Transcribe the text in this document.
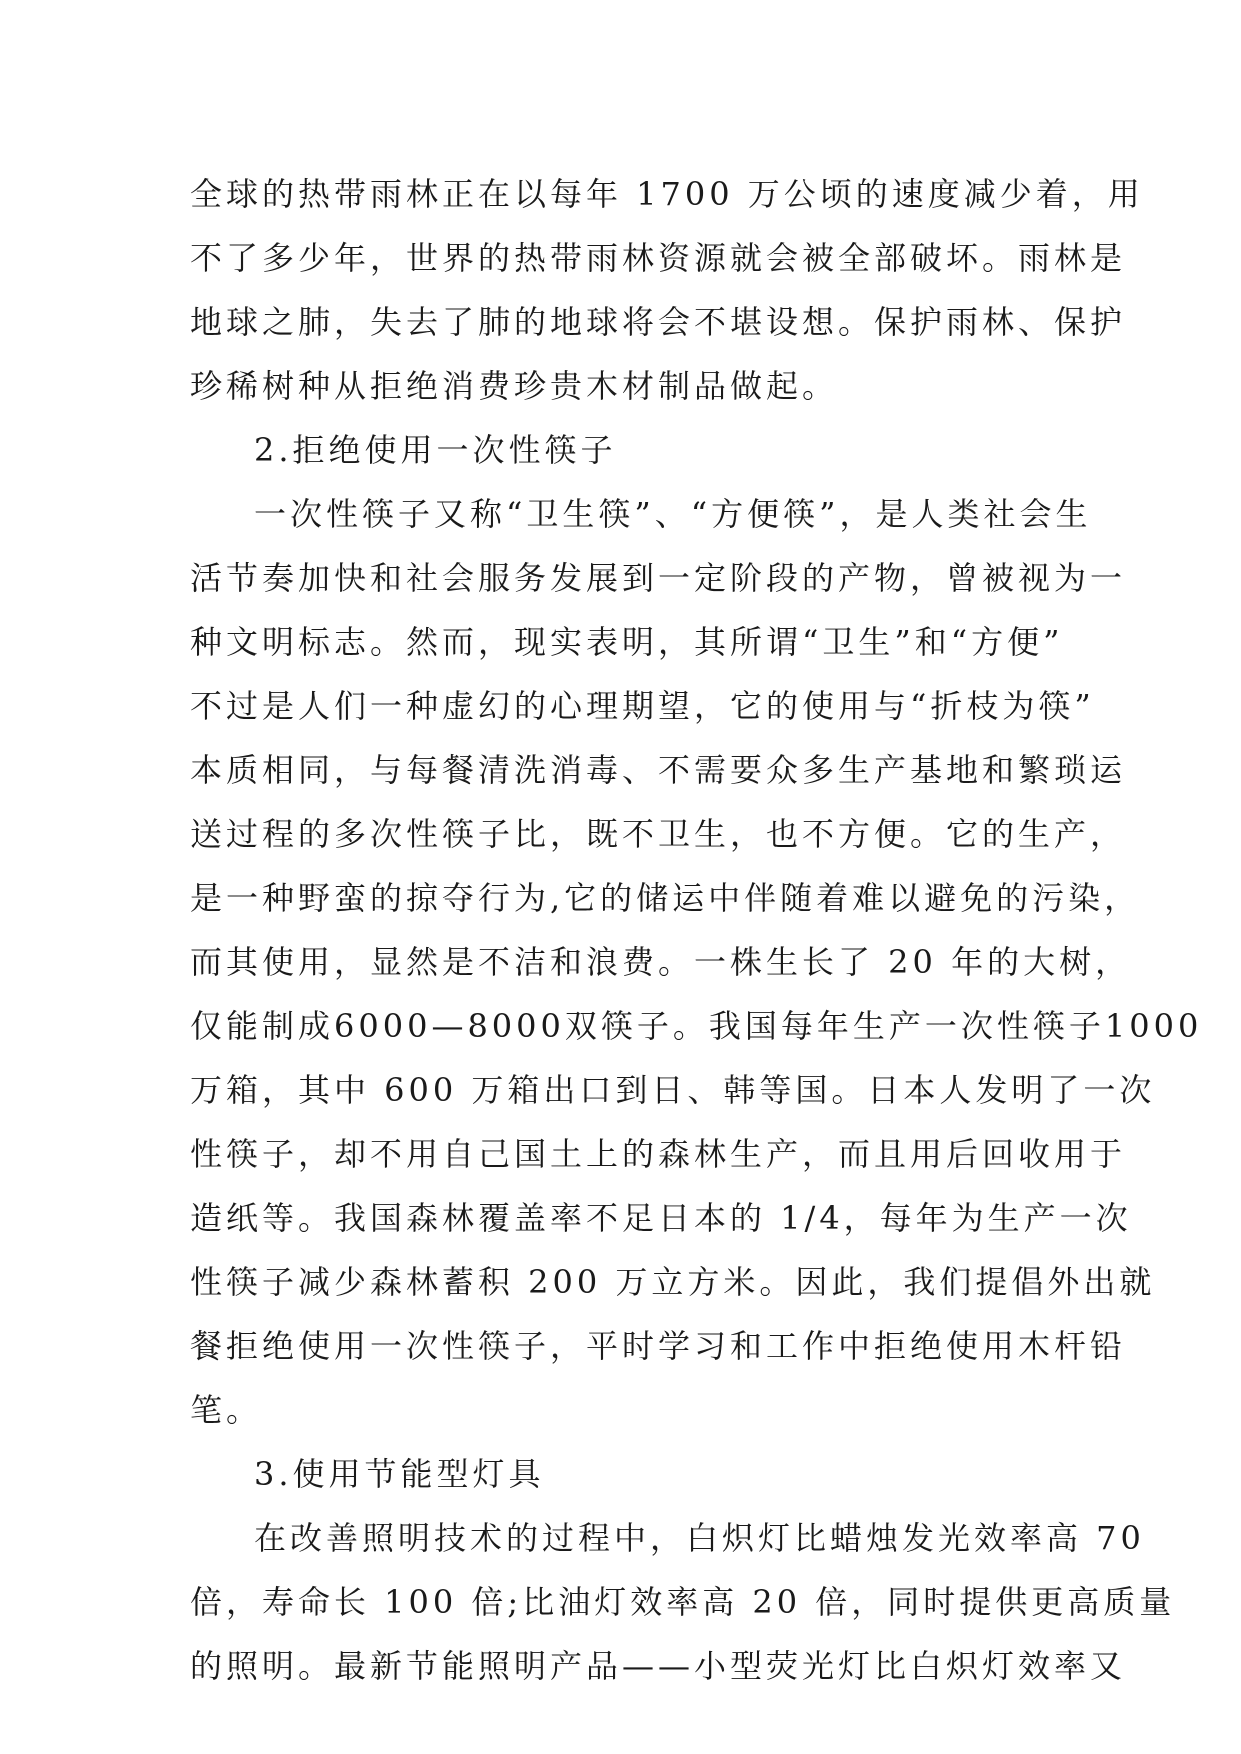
全球的热带雨林正在以每年 1700 万公顷的速度减少着，用
不了多少年，世界的热带雨林资源就会被全部破坏。雨林是
地球之肺，失去了肺的地球将会不堪设想。保护雨林、保护
珍稀树种从拒绝消费珍贵木材制品做起。
2.拒绝使用一次性筷子
一次性筷子又称“卫生筷”、“方便筷”，是人类社会生
活节奏加快和社会服务发展到一定阶段的产物，曾被视为一
种文明标志。然而，现实表明，其所谓“卫生”和“方便”
不过是人们一种虚幻的心理期望，它的使用与“折枝为筷”
本质相同，与每餐清洗消毒、不需要众多生产基地和繁琐运
送过程的多次性筷子比，既不卫生，也不方便。它的生产，
是一种野蛮的掠夺行为,它的储运中伴随着难以避免的污染，
而其使用，显然是不洁和浪费。一株生长了 20 年的大树，
仅能制成6000—8000双筷子。我国每年生产一次性筷子1000
万箱，其中 600 万箱出口到日、韩等国。日本人发明了一次
性筷子，却不用自己国土上的森林生产，而且用后回收用于
造纸等。我国森林覆盖率不足日本的 1/4，每年为生产一次
性筷子减少森林蓄积 200 万立方米。因此，我们提倡外出就
餐拒绝使用一次性筷子，平时学习和工作中拒绝使用木杆铅
笔。
3.使用节能型灯具
在改善照明技术的过程中，白炽灯比蜡烛发光效率高 70
倍，寿命长 100 倍;比油灯效率高 20 倍，同时提供更高质量
的照明。最新节能照明产品——小型荧光灯比白炽灯效率又
